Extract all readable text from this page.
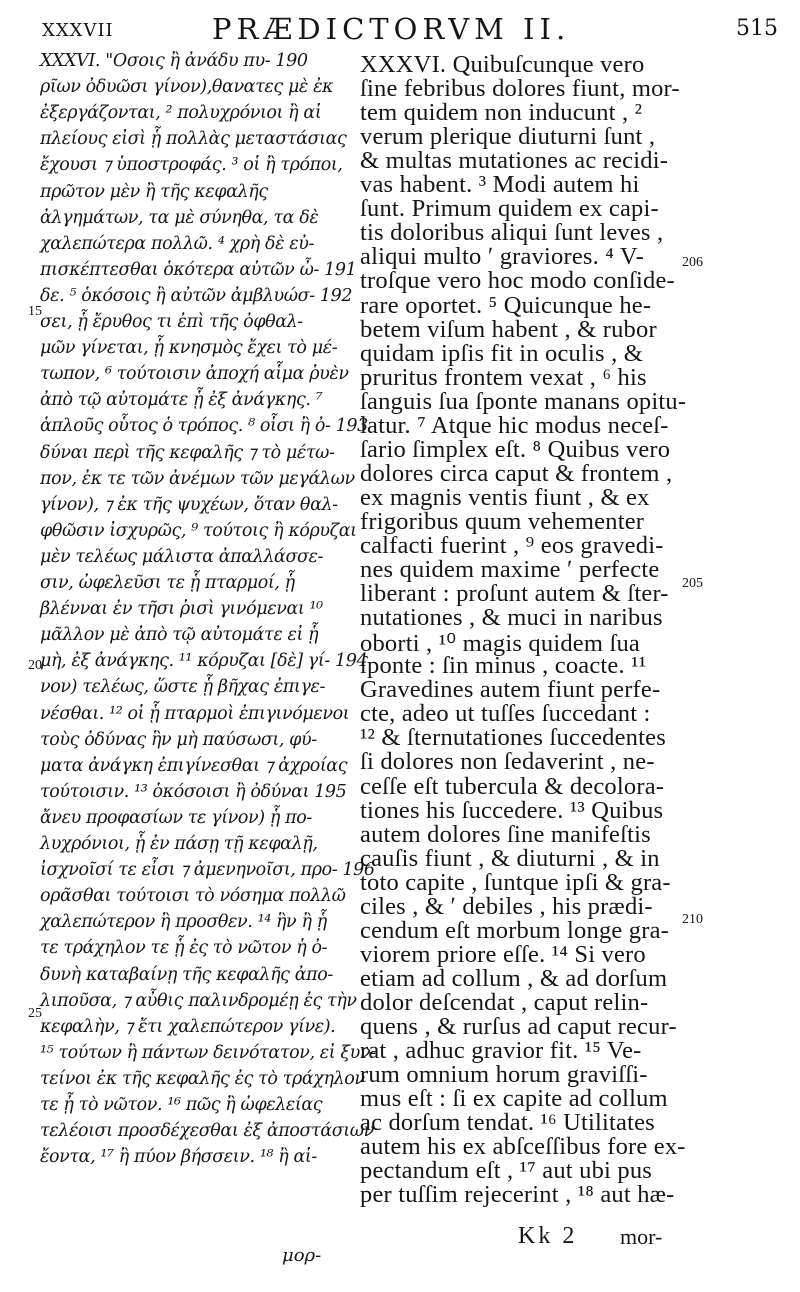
XXXVII	PRÆDICTORVM II.	515
XXXVI. "Οσοις ἢ ἀνάδυ πυ- 190
ρῖων ὀδυῶσι γίνον),θανατες μὲ ἐκ
ἐξεργάζονται, ² πολυχρόνιοι ἢ αἱ
πλείους εἰσὶ ᾗ πολλὰς μεταστάσιας
ἔχουσι ⁊ ὑποστροφάς. ³ οἱ ἢ τρόποι,
πρῶτον μὲν ἢ τῆς κεφαλῆς
ἀλγημάτων, τα μὲ σύνηθα, τα δὲ
χαλεπώτερα πολλῶ. ⁴ χρὴ δὲ εὐ-
πισκέπτεσθαι ὁκότερα αὐτῶν ὦ- 191
δε. ⁵ ὁκόσοις ἢ αὐτῶν ἀμβλυώσ- 192
σει, ᾗ ἔρυθος τι ἐπὶ τῆς ὀφθαλ-
μῶν γίνεται, ᾗ κνησμὸς ἔχει τὸ μέ-
τωπον, ⁶ τούτοισιν ἀποχή αἷμα ῥυὲν
ἀπὸ τῷ αὐτομάτε ᾗ ἐξ ἀνάγκης. ⁷
ἁπλοῦς οὗτος ὁ τρόπος. ⁸ οἷσι ἢ ὀ- 193
δύναι περὶ τῆς κεφαλῆς ⁊ τὸ μέτω-
πον, ἐκ τε τῶν ἀνέμων τῶν μεγάλων
γίνον), ⁊ ἐκ τῆς ψυχέων, ὅταν θαλ-
φθῶσιν ἰσχυρῶς, ⁹ τούτοις ἢ κόρυζαι
μὲν τελέως μάλιστα ἀπαλλάσσε-
σιν, ὠφελεῦσι τε ᾗ πταρμοί, ᾗ
βλένναι ἐν τῆσι ῥισὶ γινόμεναι ¹⁰
μᾶλλον μὲ ἀπὸ τῷ αὐτομάτε εἰ ᾗ
μὴ, ἐξ ἀνάγκης. ¹¹ κόρυζαι [δὲ] γί- 194
νον) τελέως, ὥστε ᾗ βῆχας ἐπιγε-
νέσθαι. ¹² οἱ ᾗ πταρμοὶ ἐπιγινόμενοι
τοὺς ὀδύνας ἣν μὴ παύσωσι, φύ-
ματα ἀνάγκη ἐπιγίνεσθαι ⁊ ἀχροίας
τούτοισιν. ¹³ ὁκόσοισι ἢ ὀδύναι 195
ἄνευ προφασίων τε γίνον) ᾗ πο-
λυχρόνιοι, ᾗ ἐν πάσῃ τῇ κεφαλῇ,
ἰσχνοῖσί τε εἶσι ⁊ ἀμενηνοῖσι, προ- 196
ορᾶσθαι τούτοισι τὸ νόσημα πολλῶ
χαλεπώτερον ἢ προσθεν. ¹⁴ ἣν ἢ ᾗ
τε τράχηλον τε ᾗ ἐς τὸ νῶτον ἡ ὀ-
δυνὴ καταβαίνῃ τῆς κεφαλῆς ἀπο-
λιποῦσα, ⁊ αὖθις παλινδρομέῃ ἐς τὴν
κεφαλὴν, ⁊ ἔτι χαλεπώτερον γίνε).
¹⁵ τούτων ἢ πάντων δεινότατον, εἰ ξυν-
τείνοι ἐκ τῆς κεφαλῆς ἐς τὸ τράχηλον
τε ᾗ τὸ νῶτον. ¹⁶ πῶς ἢ ὠφελείας
τελέοισι προσδέχεσθαι ἐξ ἀποστάσιων
ἔοντα, ¹⁷ ἢ πύον βήσσειν. ¹⁸ ἢ αἱ-
XXXVI. Quibuſcunque vero
ſine febribus dolores fiunt, mor-
tem quidem non inducunt , ²
verum plerique diuturni ſunt ,
& multas mutationes ac recidi-
vas habent. ³ Modi autem hi
ſunt. Primum quidem ex capi-
tis doloribus aliqui ſunt leves ,
aliqui multo ʹ graviores. ⁴ V-
troſque vero hoc modo conſide-
rare oportet. ⁵ Quicunque he-
betem viſum habent , & rubor
quidam ipſis fit in oculis , &
pruritus frontem vexat , ⁶ his
ſanguis ſua ſponte manans opitu-
latur. ⁷ Atque hic modus neceſ-
ſario ſimplex eſt. ⁸ Quibus vero
dolores circa caput & frontem ,
ex magnis ventis fiunt , & ex
frigoribus quum vehementer
calfacti fuerint , ⁹ eos gravedi-
nes quidem maxime ʹ perfecte
liberant : proſunt autem & ſter-
nutationes , & muci in naribus
oborti , ¹⁰ magis quidem ſua
ſponte : ſin minus , coacte. ¹¹
Gravedines autem fiunt perfe-
cte, adeo ut tuſſes ſuccedant :
¹² & ſternutationes ſuccedentes
ſi dolores non ſedaverint , ne-
ceſſe eſt tubercula & decolora-
tiones his ſuccedere. ¹³ Quibus
autem dolores ſine manifeſtis
cauſis fiunt , & diuturni , & in
toto capite , ſuntque ipſi & gra-
ciles , & ʹ debiles , his prædi-
cendum eſt morbum longe gra-
viorem priore eſſe. ¹⁴ Si vero
etiam ad collum , & ad dorſum
dolor deſcendat , caput relin-
quens , & rurſus ad caput recur-
rat , adhuc gravior fit. ¹⁵ Ve-
rum omnium horum graviſſi-
mus eſt : ſi ex capite ad collum
ac dorſum tendat. ¹⁶ Utilitates
autem his ex abſceſſibus fore ex-
pectandum eſt , ¹⁷ aut ubi pus
per tuſſim rejecerint , ¹⁸ aut hæ-
15
20
25
206
205
210
Kk 2 mor-
μορ-
